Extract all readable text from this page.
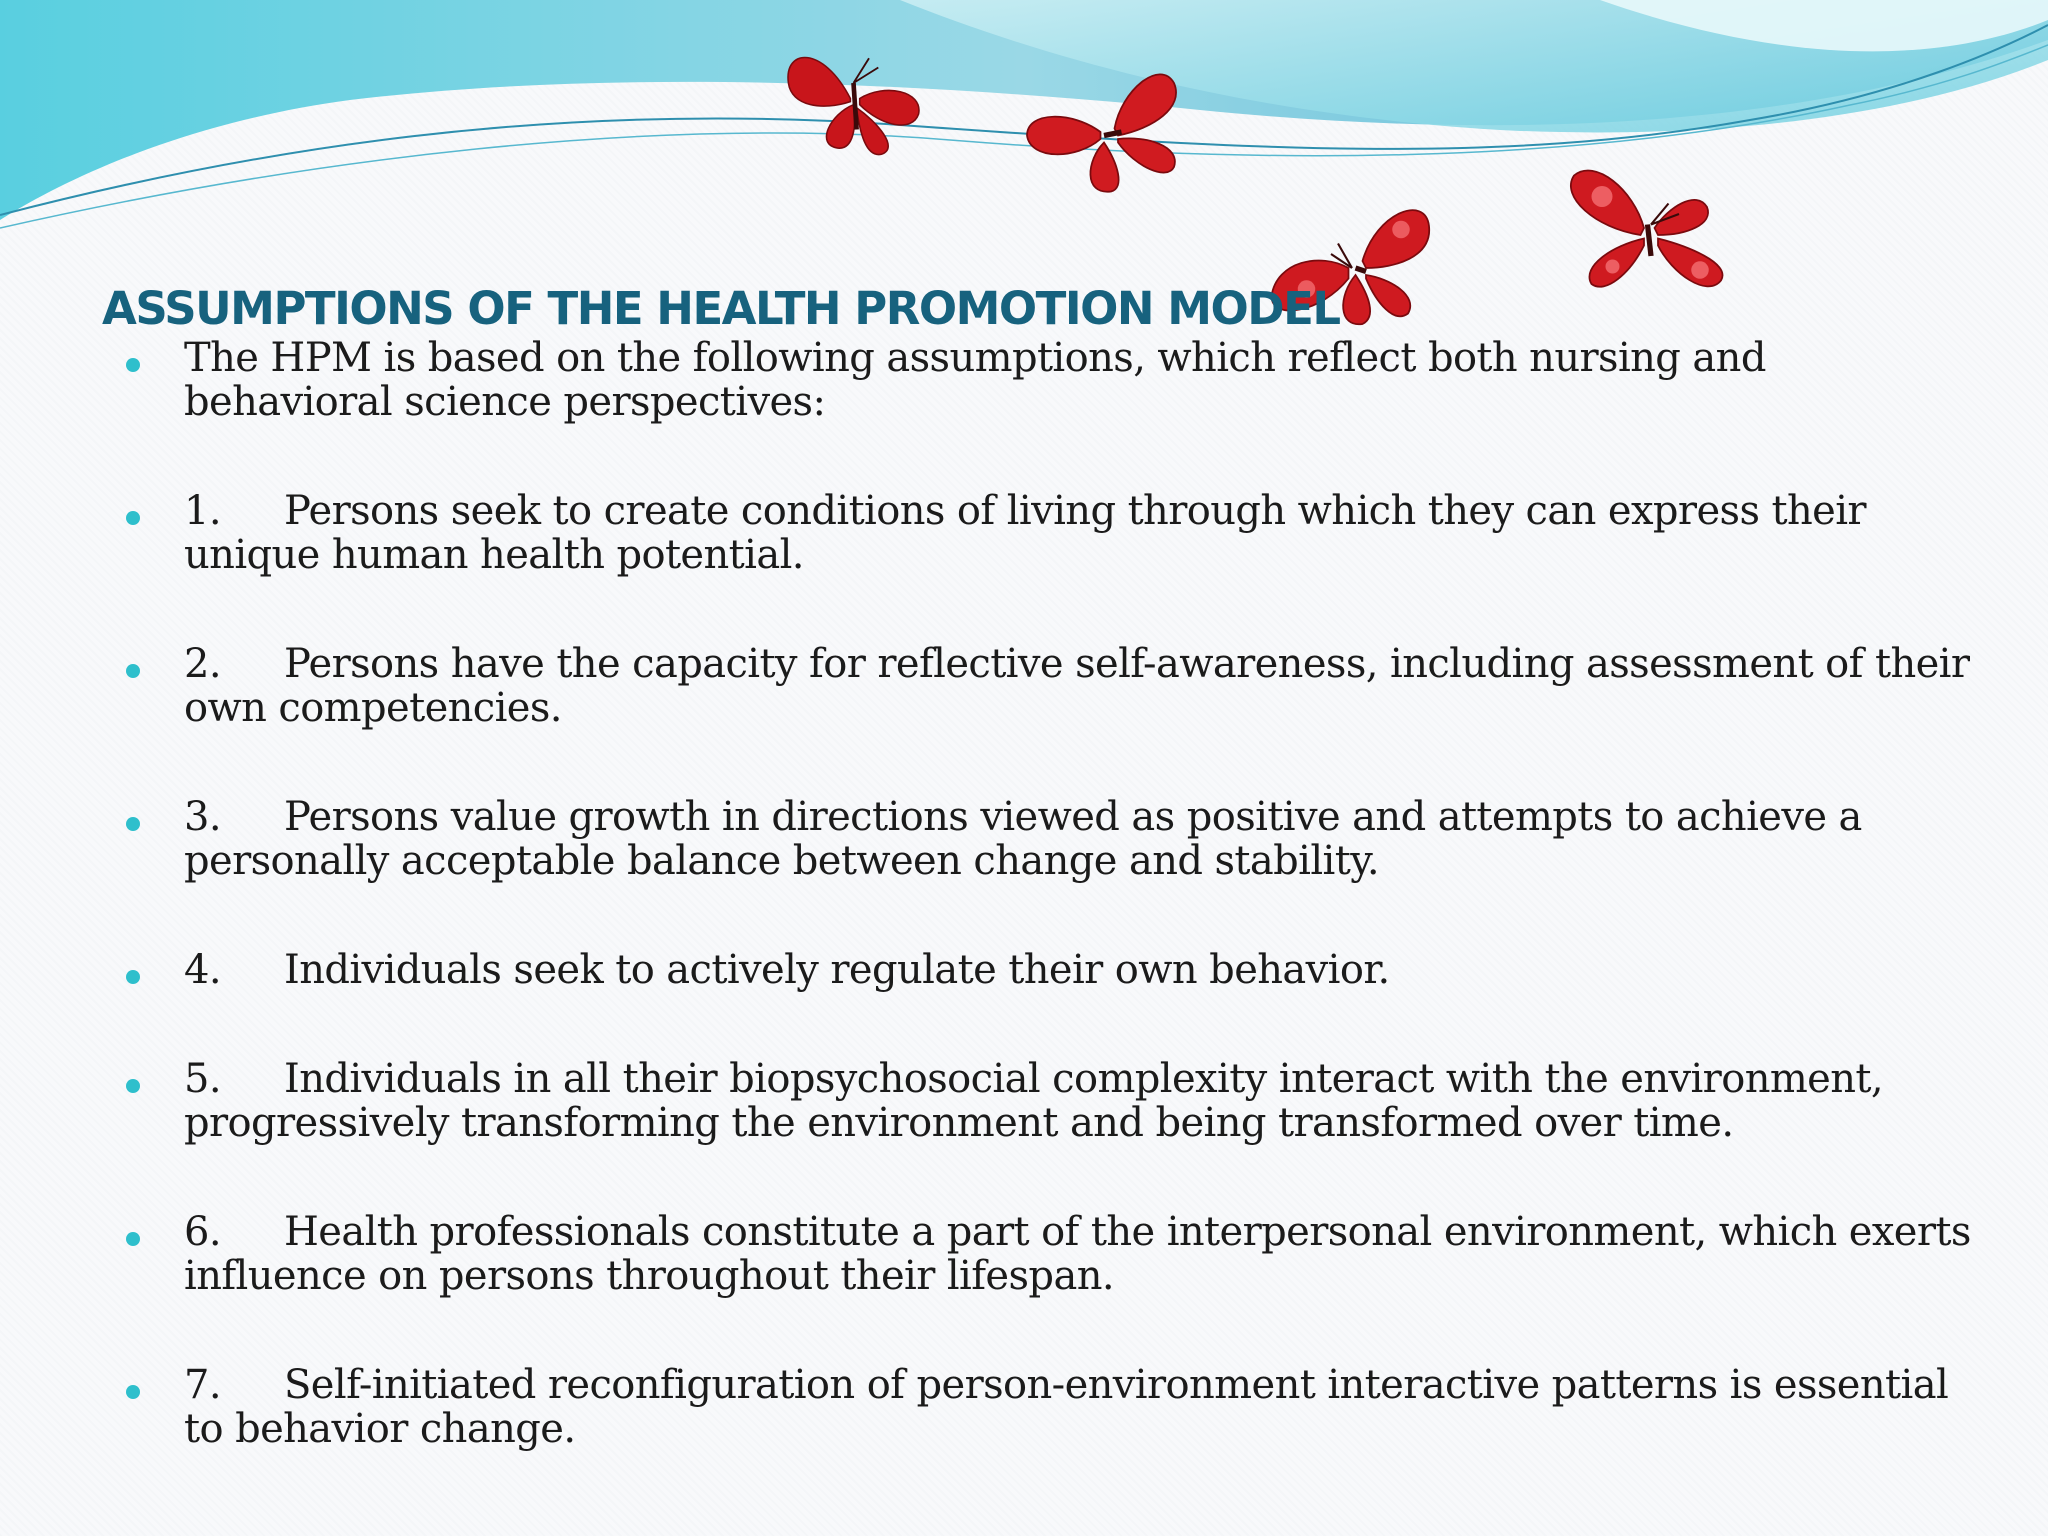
ASSUMPTIONS OF THE HEALTH PROMOTION MODEL

The HPM is based on the following assumptions, which reflect both nursing and behavioral science perspectives:

1. Persons seek to create conditions of living through which they can express their unique human health potential.

2. Persons have the capacity for reflective self-awareness, including assessment of their own competencies.

3. Persons value growth in directions viewed as positive and attempts to achieve a personally acceptable balance between change and stability.

4. Individuals seek to actively regulate their own behavior.

5. Individuals in all their biopsychosocial complexity interact with the environment, progressively transforming the environment and being transformed over time.

6. Health professionals constitute a part of the interpersonal environment, which exerts influence on persons throughout their lifespan.

7. Self-initiated reconfiguration of person-environment interactive patterns is essential to behavior change.
